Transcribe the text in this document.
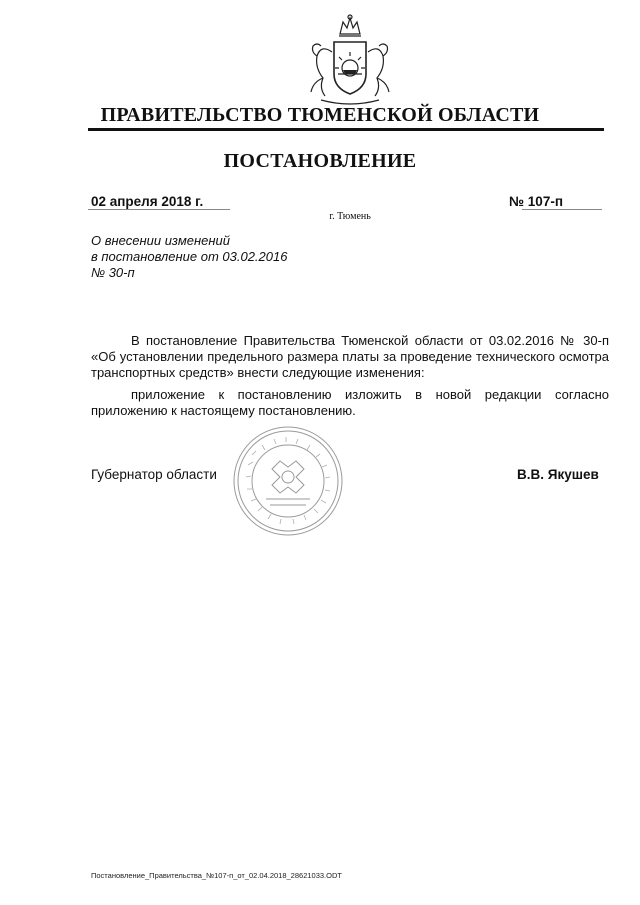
ПРАВИТЕЛЬСТВО ТЮМЕНСКОЙ ОБЛАСТИ
ПОСТАНОВЛЕНИЕ
02 апреля 2018 г.	№ 107-п
г. Тюмень
О внесении изменений
в постановление от 03.02.2016
№ 30-п
В постановление Правительства Тюменской области от 03.02.2016 № 30-п «Об установлении предельного размера платы за проведение технического осмотра транспортных средств» внести следующие изменения:
приложение к постановлению изложить в новой редакции согласно приложению к настоящему постановлению.
Губернатор области	В.В. Якушев
Постановление_Правительства_№107-п_от_02.04.2018_28621033.ODT
